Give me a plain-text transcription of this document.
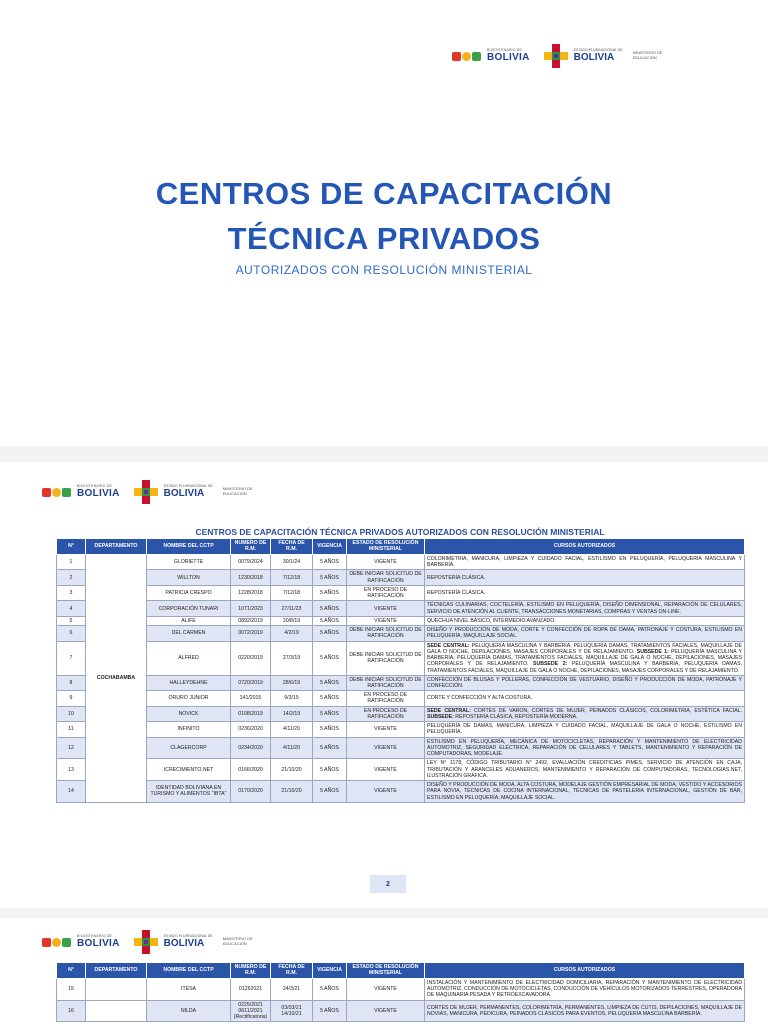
BICENTENARIO DE
BOLIVIA
ESTADO PLURINACIONAL DE
BOLIVIA	MINISTERIO DE EDUCACIÓN
CENTROS DE CAPACITACIÓN
TÉCNICA PRIVADOS
AUTORIZADOS CON RESOLUCIÓN MINISTERIAL
BICENTENARIO DE
BOLIVIA
ESTADO PLURINACIONAL DE
BOLIVIA	MINISTERIO DE EDUCACIÓN
CENTROS DE CAPACITACIÓN TÉCNICA PRIVADOS AUTORIZADOS CON RESOLUCIÓN MINISTERIAL
N°	DEPARTAMENTO	NOMBRE DEL CCTP	NUMERO DE R.M.	FECHA DE R.M.	VIGENCIA	ESTADO DE RESOLUCIÓN MINISTERIAL	CURSOS AUTORIZADOS
1	COCHABAMBA	GLORIETTE	0079/2024	30/1/24	5 AÑOS	VIGENTE	COLORIMETRIA, MANICURA, LIMPIEZA Y CUIDADO FACIAL, ESTILISMO EN PELUQUERÍA, PELUQUERIA MASCULINA Y BARBERÍA.
2		WILLTON	1230/2018	7/12/18	5 AÑOS	DEBE INICIAR SOLICITUD DE RATIFICACIÓN	REPOSTERÍA CLÁSICA.
3		PATRICIA CRESPO	1228/2018	7/12/18	5 AÑOS	EN PROCESO DE RATIFICACIÓN	REPOSTERÍA CLÁSICA.
4		CORPORACIÓN TUNARI	1071/2023	27/11/23	5 AÑOS	VIGENTE	TÉCNICAS CULINARIAS, COCTELERÍA, ESTILISMO EN PELUQUERÍA, DISEÑO DIMENSIONAL, REPARACIÓN DE CELULARES, SERVICIO DE ATENCIÓN AL CLIENTE, TRANSACCIONES MONETARIAS, COMPRAS Y VENTAS ON-LINE.
5		ALIFE	0892/2019	20/8/19	5 AÑOS	VIGENTE	QUECHUA NIVEL BÁSICO, INTERMEDIO AVANZADO.
6		DEL CARMEN	0072/2019	4/2/19	5 AÑOS	DEBE INICIAR SOLICITUD DE RATIFICACIÓN	DISEÑO Y PRODUCCIÓN DE MODA, CORTE Y CONFECCIÓN DE ROPA DE DAMA, PATRONAJE Y COSTURA, ESTILISMO EN PELUQUERÍA, MAQUILLAJE SOCIAL.
7		ALFRED	0220/2019	27/3/19	5 AÑOS	DEBE INICIAR SOLICITUD DE RATIFICACIÓN	SEDE CENTRAL: PELUQUERÍA MASCULINA Y BARBERÍA, PELUQUERÍA DAMAS, TRATAMIENTOS FACIALES, MAQUILLAJE DE GALA O NOCHE, DEPILACIONES, MASAJES CORPORALES Y DE RELAJAMIENTO. SUBSEDE 1: PELUQUERÍA MASCULINA Y BARBERÍA, PELUQUERÍA DAMAS, TRATAMIENTOS FACIALES, MAQUILLAJE DE GALA O NOCHE, DEPILACIONES, MASAJES CORPORALES Y DE RELAJAMIENTO. SUBSEDE 2: PELUQUERÍA MASCULINA Y BARBERÍA, PELUQUERÍA DAMAS, TRATAMIENTOS FACIALES, MAQUILLAJE DE GALA O NOCHE, DEPILACIONES, MASAJES CORPORALES Y DE RELAJAMIENTO.
8		HALLEYDEHNE	0720/2019	28/6/19	5 AÑOS	DEBE INICIAR SOLICITUD DE RATIFICACIÓN	CONFECCIÓN DE BLUSAS Y POLLERAS, CONFECCIÓN DE VESTUARIO, DISEÑO Y PRODUCCIÓN DE MODA, PATRONAJE Y CONFECCIÓN.
9		ORURO JUNIOR	141/2015	9/3/15	5 AÑOS	EN PROCESO DE RATIFICACIÓN	CORTE Y CONFECCIÓN Y ALTA COSTURA.
10		NOVICK	0108/2019	14/2/19	5 AÑOS	EN PROCESO DE RATIFICACIÓN	SEDE CENTRAL: CORTES DE VARON, CORTES DE MUJER, PEINADOS CLÁSICOS, COLORIMETRIA, ESTÉTICA FACIAL. SUBSEDE: REPOSTERÍA CLÁSICA, REPOSTERÍA MODERNA.
11		INFINITO	0236/2020	4/11/20	5 AÑOS	VIGENTE	PELUQUERÍA DE DAMAS, MANICURA, LIMPIEZA Y CUIDADO FACIAL, MAQUILLAJE DE GALA O NOCHE, ESTILISMO EN PELUQUERÍA.
12		CLAGERCORP	0234/2020	4/11/20	5 AÑOS	VIGENTE	ESTILISMO EN PELUQUERÍA, MECÁNICA DE MOTOCICLETAS, REPARACIÓN Y MANTENIMIENTO DE ELECTRICIDAD AUTOMOTRIZ, SEGURIDAD ELÉCTRICA, REPARACIÓN DE CELULARES Y TABLETS, MANTENIMIENTO Y REPARACIÓN DE COMPUTADORAS, MODELAJE.
13		ICRECIMIENTO.NET	0166/2020	21/10/20	5 AÑOS	VIGENTE	LEY N° 1178, CÓDIGO TRIBUTARIO N° 2492, EVALUACIÓN CREDITICIAS PIMES, SERVICIO DE ATENCIÓN EN CAJA, TRIBUTACIÓN Y ARANCELES ADUANEROS, MANTENIMIENTO Y REPARACIÓN DE COMPUTADORAS, TECNOLOGIAS.NET, ILUSTRACIÓN GRÁFICA.
14		IDENTIDAD BOLIVIANA EN TURISMO Y ALIMENTOS "IBTA"	0170/2020	21/10/20	5 AÑOS	VIGENTE	DISEÑO Y PRODUCCIÓN DE MODA, ALTA COSTURA, MODELAJE GESTIÓN EMPRESARIAL DE MODA, VESTIDO Y ACCESORIOS PARA NOVIA, TÉCNICAS DE COCINA INTERNACIONAL, TÉCNICAS DE PASTELERIA INTERNACIONAL, GESTIÓN DE BAR, ESTILISMO EN PELUQUERÍA, MAQUILLAJE SOCIAL.
2
BICENTENARIO DE
BOLIVIA
ESTADO PLURINACIONAL DE
BOLIVIA	MINISTERIO DE EDUCACIÓN
N°	DEPARTAMENTO	NOMBRE DEL CCTP	NUMERO DE R.M.	FECHA DE R.M.	VIGENCIA	ESTADO DE RESOLUCIÓN MINISTERIAL	CURSOS AUTORIZADOS
15		ITESA	01262021	24/3/21	5 AÑOS	VIGENTE	INSTALACIÓN Y MANTENIMIENTO DE ELECTRICIDAD DOMICILIARIA, REPARACIÓN Y MANTENIMIENTO DE ELECTRICIDAD AUTOMOTRIZ, CONDUCCIÓN DE MOTOCICLETAS, CONDUCCIÓN DE VEHÍCULOS MOTORIZADOS TERRESTRES, OPERADORA DE MAQUINARIA PESADA Y RETROEXCAVADORA.
16		NILDA	0225/2021 0611/2021 (Rectificatoria)	03/03/21 14/10/21	5 AÑOS	VIGENTE	CORTES DE MUJER, PERMANENTES, COLORIMETRÍA, PERMANENTES, LIMPIEZA DE CUTIS, DEPILACIONES, MAQUILLAJE DE NOVIAS, MANICURA, PEDICURA, PEINADOS CLÁSICOS PARA EVENTOS, PELUQUERÍA MASCULINA BARBERÍA.
